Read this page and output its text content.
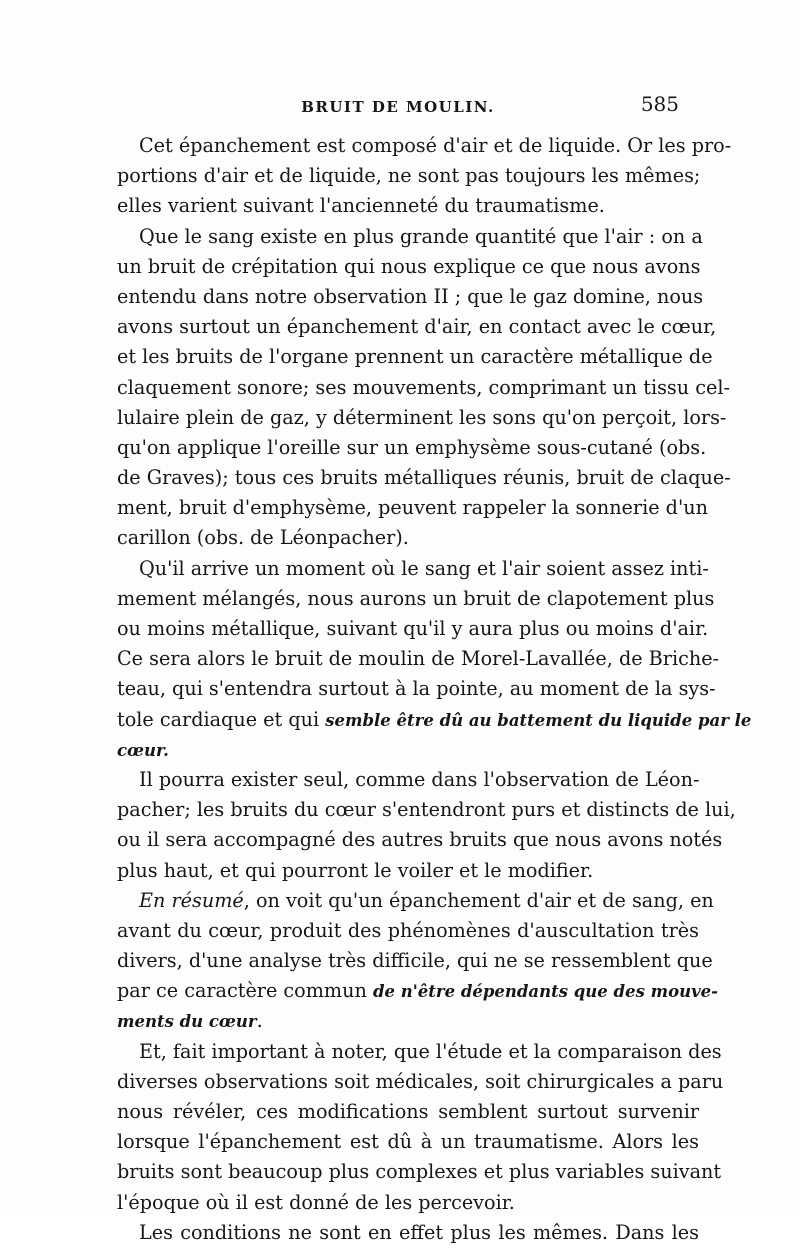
BRUIT DE MOULIN.	585
Cet épanchement est composé d'air et de liquide. Or les pro-
portions d'air et de liquide, ne sont pas toujours les mêmes;
elles varient suivant l'ancienneté du traumatisme.
Que le sang existe en plus grande quantité que l'air : on a
un bruit de crépitation qui nous explique ce que nous avons
entendu dans notre observation II ; que le gaz domine, nous
avons surtout un épanchement d'air, en contact avec le cœur,
et les bruits de l'organe prennent un caractère métallique de
claquement sonore; ses mouvements, comprimant un tissu cel-
lulaire plein de gaz, y déterminent les sons qu'on perçoit, lors-
qu'on applique l'oreille sur un emphysème sous-cutané (obs.
de Graves); tous ces bruits métalliques réunis, bruit de claque-
ment, bruit d'emphysème, peuvent rappeler la sonnerie d'un
carillon (obs. de Léonpacher).
Qu'il arrive un moment où le sang et l'air soient assez inti-
mement mélangés, nous aurons un bruit de clapotement plus
ou moins métallique, suivant qu'il y aura plus ou moins d'air.
Ce sera alors le bruit de moulin de Morel-Lavallée, de Briche-
teau, qui s'entendra surtout à la pointe, au moment de la sys-
tole cardiaque et qui semble être dû au battement du liquide par le
cœur.
Il pourra exister seul, comme dans l'observation de Léon-
pacher; les bruits du cœur s'entendront purs et distincts de lui,
ou il sera accompagné des autres bruits que nous avons notés
plus haut, et qui pourront le voiler et le modifier.
En résumé, on voit qu'un épanchement d'air et de sang, en
avant du cœur, produit des phénomènes d'auscultation très
divers, d'une analyse très difficile, qui ne se ressemblent que
par ce caractère commun de n'être dépendants que des mouve-
ments du cœur.
Et, fait important à noter, que l'étude et la comparaison des
diverses observations soit médicales, soit chirurgicales a paru
nous révéler, ces modifications semblent surtout survenir
lorsque l'épanchement est dû à un traumatisme. Alors les
bruits sont beaucoup plus complexes et plus variables suivant
l'époque où il est donné de les percevoir.
Les conditions ne sont en effet plus les mêmes. Dans les
